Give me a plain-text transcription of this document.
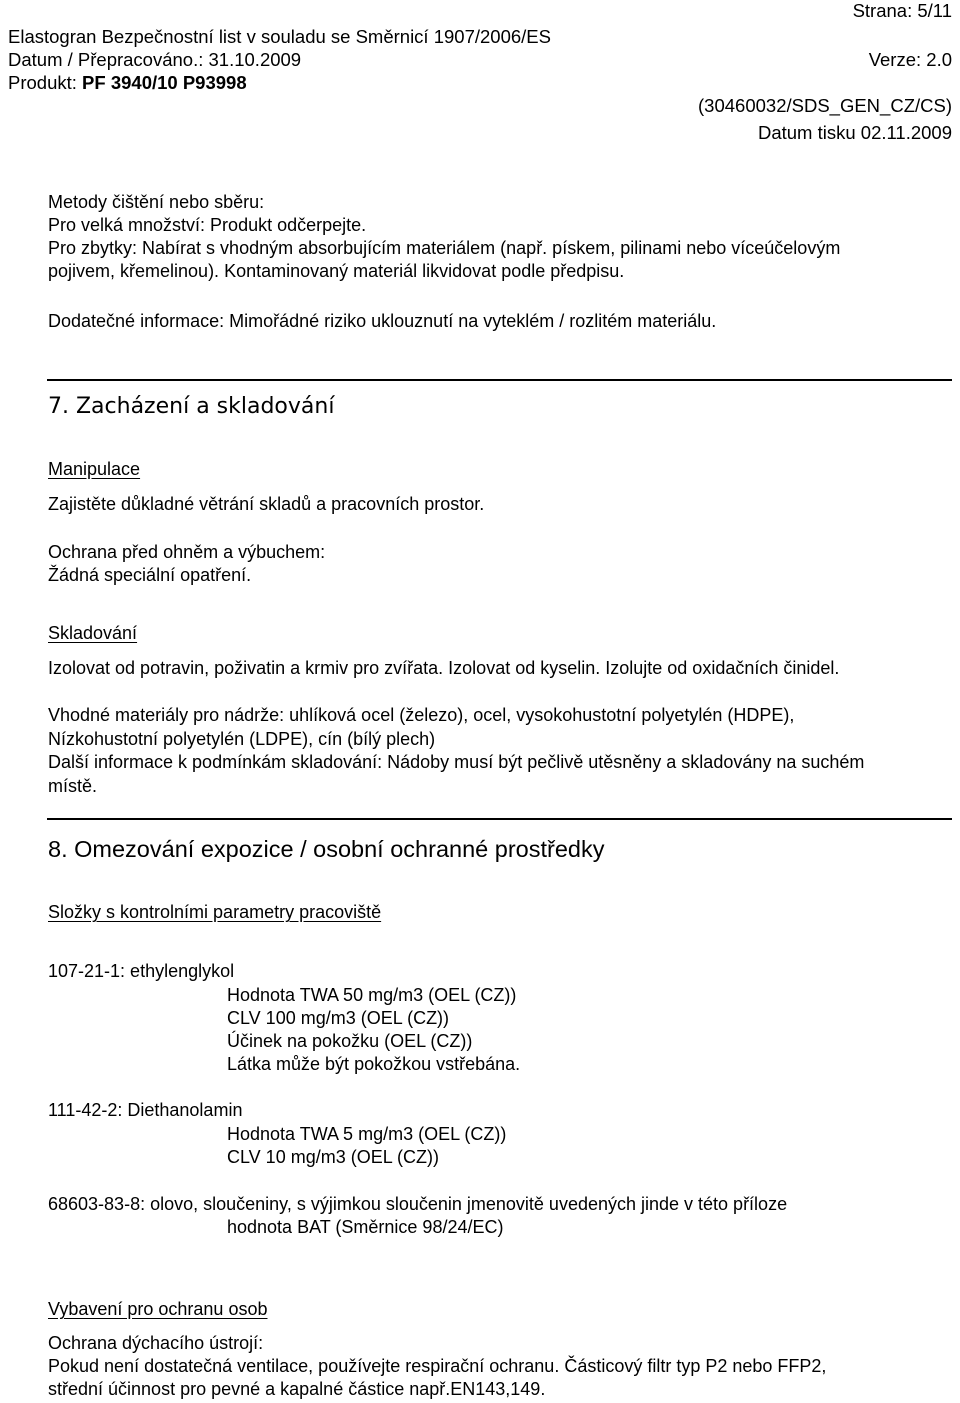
Strana: 5/11
Elastogran Bezpečnostní list v souladu se Směrnicí 1907/2006/ES
Datum / Přepracováno.: 31.10.2009	Verze: 2.0
Produkt: PF 3940/10 P93998
(30460032/SDS_GEN_CZ/CS)
Datum tisku 02.11.2009
Metody čištění nebo sběru:
Pro velká množství: Produkt odčerpejte.
Pro zbytky: Nabírat s vhodným absorbujícím materiálem (např. pískem, pilinami nebo víceúčelovým
pojivem, křemelinou). Kontaminovaný materiál likvidovat podle předpisu.
Dodatečné informace: Mimořádné riziko uklouznutí na vyteklém / rozlitém materiálu.
7. Zacházení a skladování
Manipulace
Zajistěte důkladné větrání skladů a pracovních prostor.
Ochrana před ohněm a výbuchem:
Žádná speciální opatření.
Skladování
Izolovat od potravin, poživatin a krmiv pro zvířata. Izolovat od kyselin. Izolujte od oxidačních činidel.
Vhodné materiály pro nádrže: uhlíková ocel (železo), ocel, vysokohustotní polyetylén (HDPE),
Nízkohustotní polyetylén (LDPE), cín (bílý plech)
Další informace k podmínkám skladování: Nádoby musí být pečlivě utěsněny a skladovány na suchém
místě.
8. Omezování expozice / osobní ochranné prostředky
Složky s kontrolními parametry pracoviště
107-21-1: ethylenglykol
Hodnota TWA 50 mg/m3 (OEL (CZ))
CLV 100 mg/m3 (OEL (CZ))
Účinek na pokožku (OEL (CZ))
Látka může být pokožkou vstřebána.
111-42-2: Diethanolamin
Hodnota TWA 5 mg/m3 (OEL (CZ))
CLV 10 mg/m3 (OEL (CZ))
68603-83-8: olovo, sloučeniny, s výjimkou sloučenin jmenovitě uvedených jinde v této příloze
hodnota BAT (Směrnice 98/24/EC)
Vybavení pro ochranu osob
Ochrana dýchacího ústrojí:
Pokud není dostatečná ventilace, používejte respirační ochranu. Částicový filtr typ P2 nebo FFP2,
střední účinnost pro pevné a kapalné částice např.EN143,149.
